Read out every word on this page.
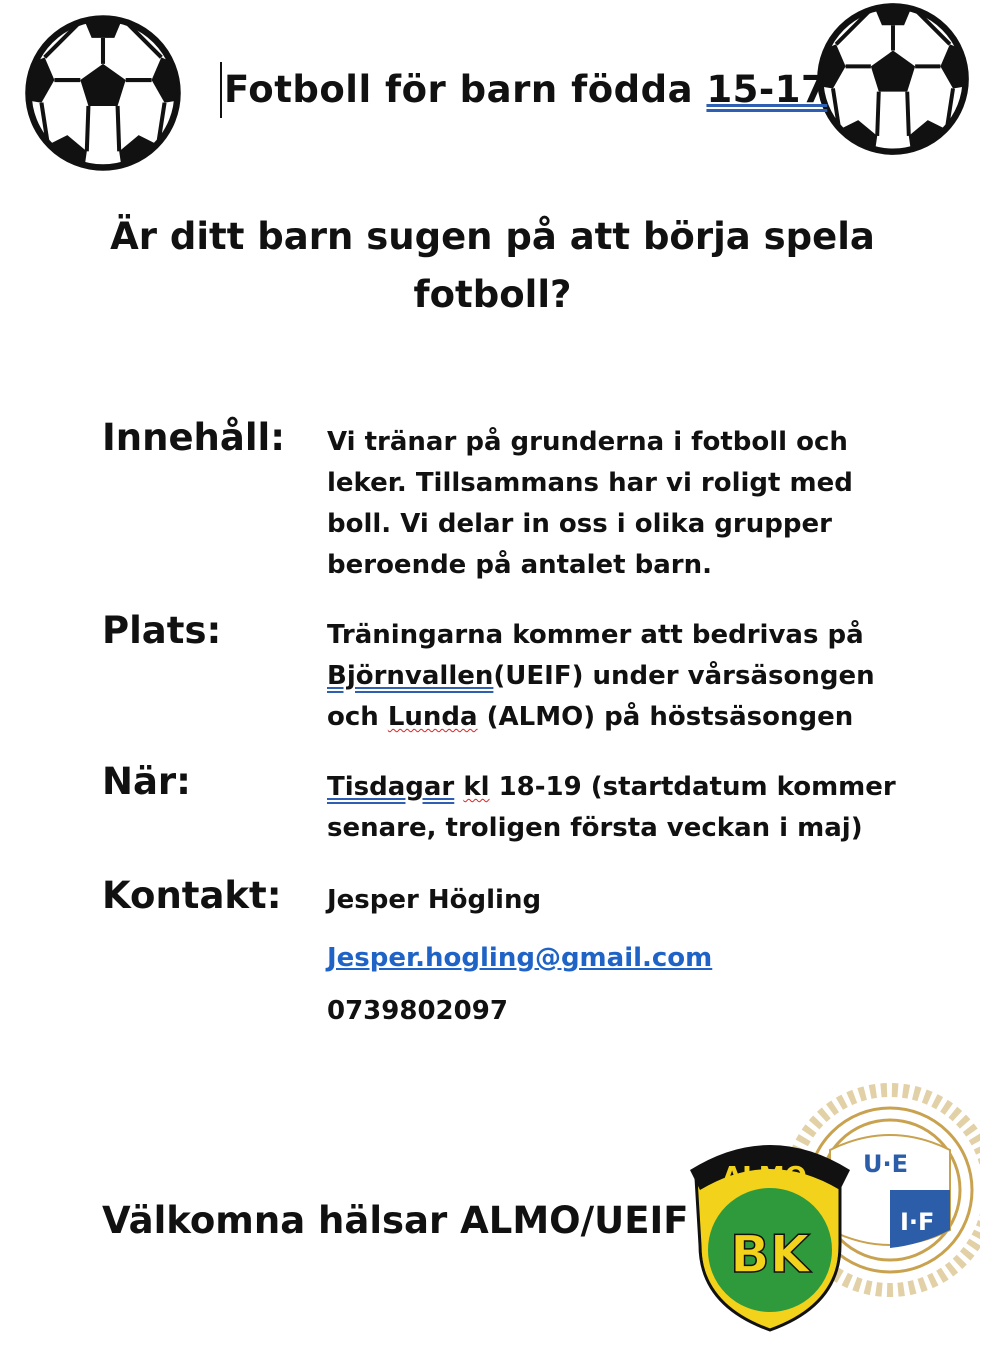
Fotboll för barn födda 15-17
Är ditt barn sugen på att börja spela fotboll?
Innehåll: Vi tränar på grunderna i fotboll och
leker. Tillsammans har vi roligt med
boll. Vi delar in oss i olika grupper
beroende på antalet barn.
Plats:	Träningarna kommer att bedrivas på
Björnvallen(UEIF) under vårsäsongen
och Lunda (ALMO) på höstsäsongen
När:	Tisdagar kl 18-19 (startdatum kommer
senare, troligen första veckan i maj)
Kontakt: Jesper Högling
Jesper.hogling@gmail.com
0739802097
Välkomna hälsar ALMO/UEIF
U·E
I·F
ALMO
BK
